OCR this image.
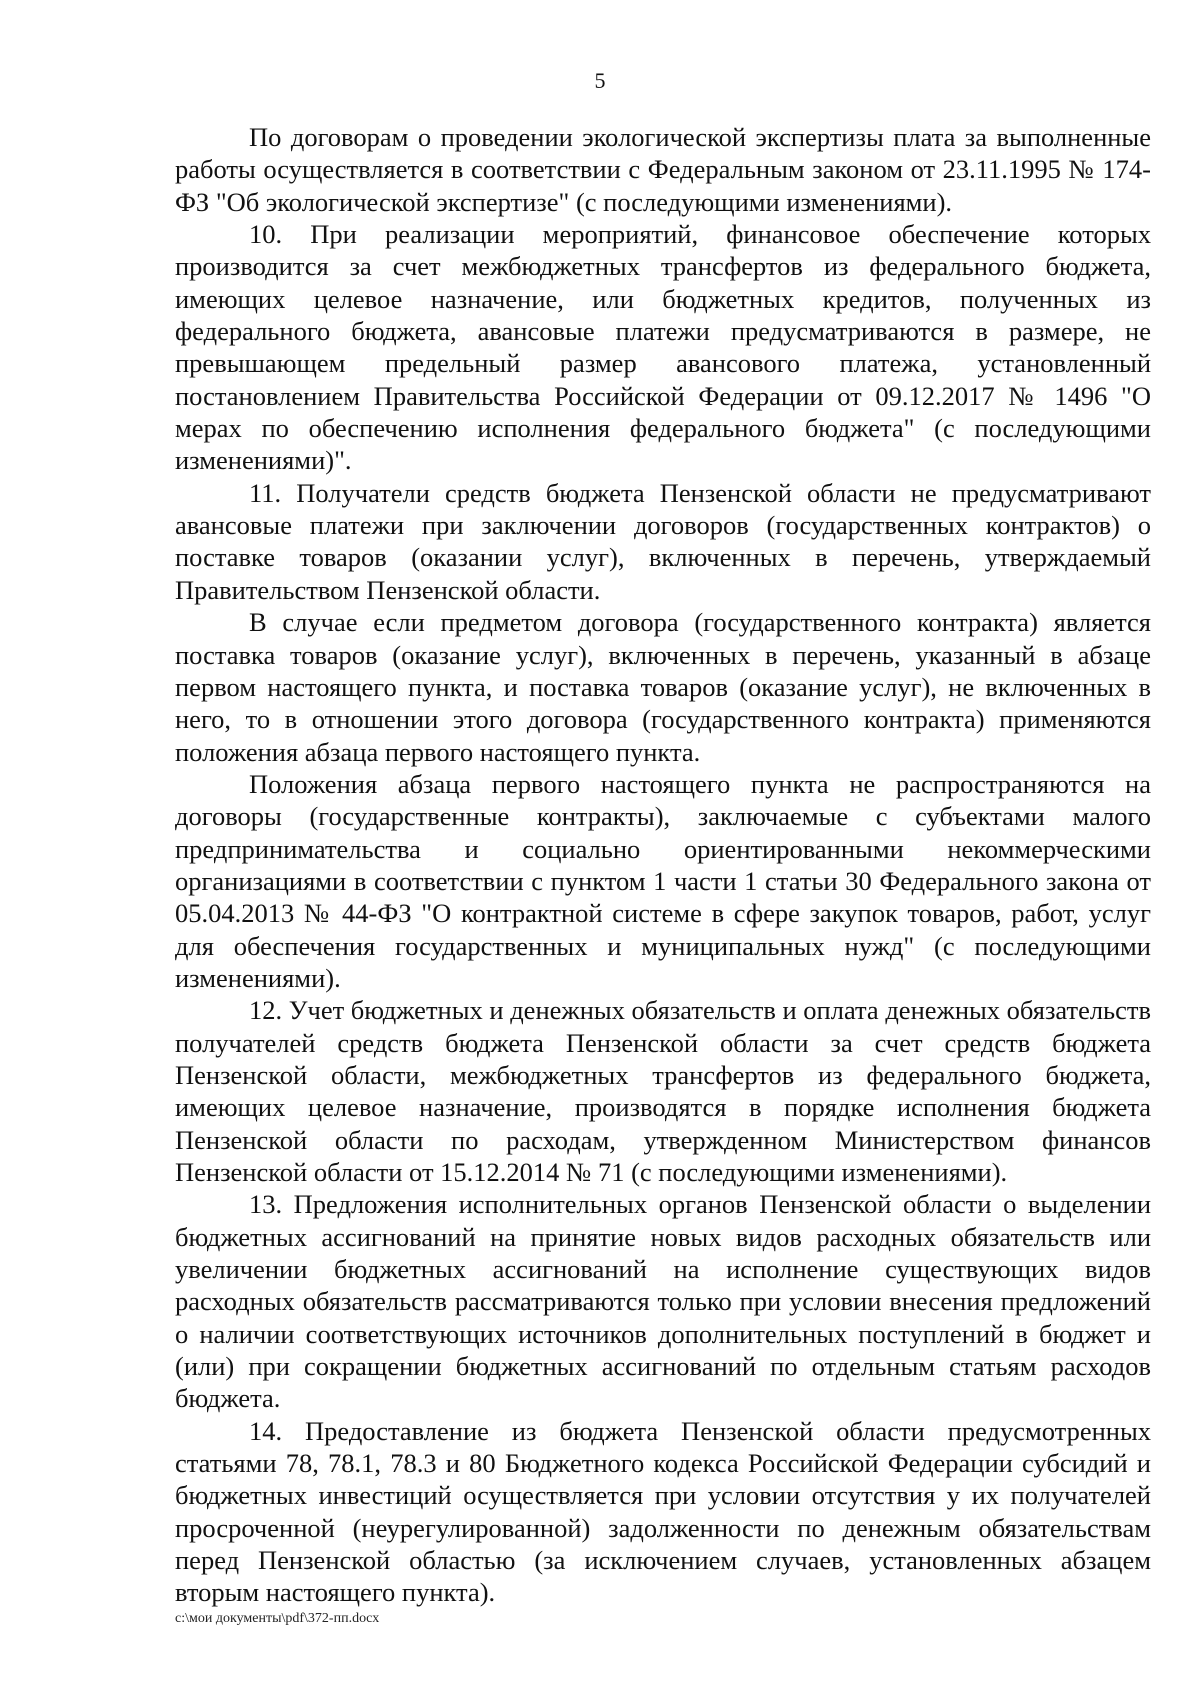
5

По договорам о проведении экологической экспертизы плата за выполненные работы осуществляется в соответствии с Федеральным законом от 23.11.1995 № 174-ФЗ "Об экологической экспертизе" (с последующими изменениями).

10. При реализации мероприятий, финансовое обеспечение которых производится за счет межбюджетных трансфертов из федерального бюджета, имеющих целевое назначение, или бюджетных кредитов, полученных из федерального бюджета, авансовые платежи предусматриваются в размере, не превышающем предельный размер авансового платежа, установленный постановлением Правительства Российской Федерации от 09.12.2017 № 1496 "О мерах по обеспечению исполнения федерального бюджета" (с последующими изменениями)".

11. Получатели средств бюджета Пензенской области не предусматривают авансовые платежи при заключении договоров (государственных контрактов) о поставке товаров (оказании услуг), включенных в перечень, утверждаемый Правительством Пензенской области.

В случае если предметом договора (государственного контракта) является поставка товаров (оказание услуг), включенных в перечень, указанный в абзаце первом настоящего пункта, и поставка товаров (оказание услуг), не включенных в него, то в отношении этого договора (государственного контракта) применяются положения абзаца первого настоящего пункта.

Положения абзаца первого настоящего пункта не распространяются на договоры (государственные контракты), заключаемые с субъектами малого предпринимательства и социально ориентированными некоммерческими организациями в соответствии с пунктом 1 части 1 статьи 30 Федерального закона от 05.04.2013 № 44-ФЗ "О контрактной системе в сфере закупок товаров, работ, услуг для обеспечения государственных и муниципальных нужд" (с последующими изменениями).

12. Учет бюджетных и денежных обязательств и оплата денежных обязательств получателей средств бюджета Пензенской области за счет средств бюджета Пензенской области, межбюджетных трансфертов из федерального бюджета, имеющих целевое назначение, производятся в порядке исполнения бюджета Пензенской области по расходам, утвержденном Министерством финансов Пензенской области от 15.12.2014 № 71 (с последующими изменениями).

13. Предложения исполнительных органов Пензенской области о выделении бюджетных ассигнований на принятие новых видов расходных обязательств или увеличении бюджетных ассигнований на исполнение существующих видов расходных обязательств рассматриваются только при условии внесения предложений о наличии соответствующих источников дополнительных поступлений в бюджет и (или) при сокращении бюджетных ассигнований по отдельным статьям расходов бюджета.

14. Предоставление из бюджета Пензенской области предусмотренных статьями 78, 78.1, 78.3 и 80 Бюджетного кодекса Российской Федерации субсидий и бюджетных инвестиций осуществляется при условии отсутствия у их получателей просроченной (неурегулированной) задолженности по денежным обязательствам перед Пензенской областью (за исключением случаев, установленных абзацем вторым настоящего пункта).

c:\мои документы\pdf\372-пп.docx
